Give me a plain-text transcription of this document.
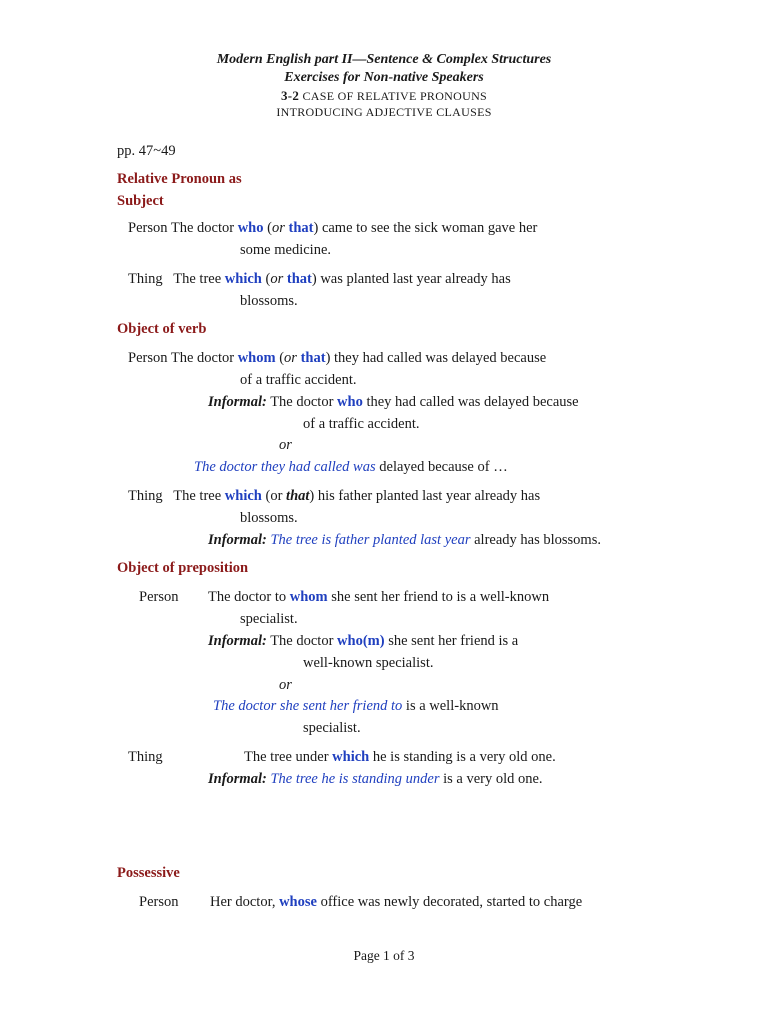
Modern English part II—Sentence & Complex Structures
Exercises for Non-native Speakers
3-2 CASE OF RELATIVE PRONOUNS
INTRODUCING ADJECTIVE CLAUSES
pp. 47~49
Relative Pronoun as
Subject
Person The doctor who (or that) came to see the sick woman gave her
some medicine.
Thing The tree which (or that) was planted last year already has
blossoms.
Object of verb
Person The doctor whom (or that) they had called was delayed because
of a traffic accident.
Informal: The doctor who they had called was delayed because
of a traffic accident.
or
The doctor they had called was delayed because of …
Thing The tree which (or that) his father planted last year already has
blossoms.
Informal: The tree is father planted last year already has blossoms.
Object of preposition
Person The doctor to whom she sent her friend to is a well-known
specialist.
Informal: The doctor who(m) she sent her friend is a
well-known specialist.
or
The doctor she sent her friend to is a well-known
specialist.
Thing	The tree under which he is standing is a very old one.
Informal: The tree he is standing under is a very old one.
Possessive
Person Her doctor, whose office was newly decorated, started to charge
Page 1 of 3
